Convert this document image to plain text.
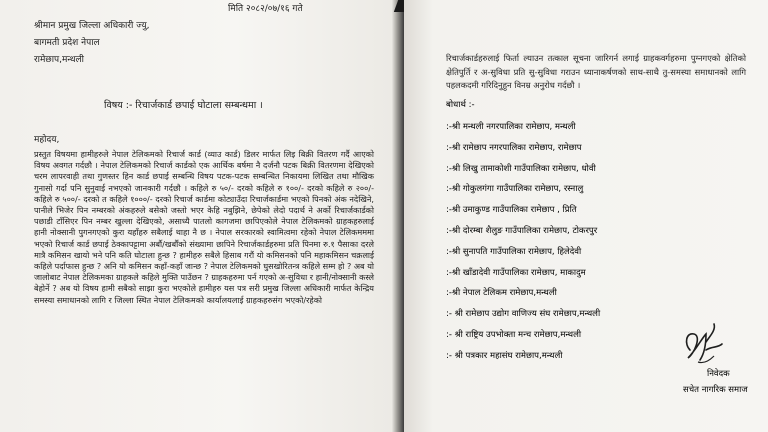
मिति २०८२/०७/१६ गते
श्रीमान प्रमुख जिल्ला अधिकारी ज्यु,
बागमती प्रदेश नेपाल
रामेछाप,मन्थली
विषय :- रिचार्जकार्ड छपाई घोटाला सम्बन्धमा ।
महोदय,
प्रस्तुत विषयमा हामीहरुले नेपाल टेलिकमको रिचार्ज कार्ड (व्याउ कार्ड) डिलर मार्फत लिइ बिक्री वितरण गर्दै आएको विषय अवगत गर्दछौ । नेपाल टेलिकमको रिचार्ज कार्डको एक आर्थिक बर्षमा नै दर्जनौ पटक बिक्री वितरणमा देखिएको चरम लापरवाही तथा गुणस्तर हिन कार्ड छपाई सम्बन्धि विषय पटक-पटक सम्बन्धित निकायमा लिखित तथा मौखिक गुनासो गर्दा पनि सुनुवाई नभएको जानकारी गर्दछौ । कहिले रु ५०/- दरको कहिले रु १००/- दरको कहिले रु २००/- कहिले रु ५००/- दरको त कहिले १०००/- दरको रिचार्ज कार्डमा कोट्याउँदा रिचार्जकार्डमा भएको पिनको अंक नदेखिने, पानीले भिजेर पिन नम्बरको अंकहरुले बसेको जस्तो भएर केहि नबुझिने, छेपेको लेदो पदार्थ ने अर्को रिचार्जकार्डको पछाडी टाँसिएर पिन नम्बर खुल्ला देखिएको, असाध्यै पातलो कागजमा छापिएकोले नेपाल टेलिकमको ग्राहकहरुलाई हानी नोक्सानी पुगनगएको कुरा यहाँहरु सबैलाई थाहा नै छ । नेपाल सरकारको स्वामित्वमा रहेको नेपाल टेलिकमममा भएको रिचार्ज कार्ड छपाई ठेक्कापट्टामा अर्बौ/खर्बौंको संख्यामा छापिने रिचार्जकार्डहरुमा प्रति पिनमा रु.१ पैसाका दरले मात्रै कमिसन खायो भने पनि कति घोटाला हुन्छ ? हामीहरु सबैले हिसाब गरौं यो कमिसनको पनि महाकमिसन चक्रलाई कहिले पर्दाफास हुन्छ ? अनि यो कमिसन कहाँ-कहाँ जान्छ ? नेपाल टेलिकमको घुसखोरितन्त्र कहिले सम्म हो ? अब यो जालोबाट नेपाल टेलिकमका ग्राहकले कहिले मुक्ति पाउँछन ? ग्राहकहरुमा पर्न गएको अ-सुविधा र हानी/नोक्सानी कस्ले बेहोर्ने ? अब यो विषय हामी सबैको साझा कुरा भएकोले हामीहरु यस पत्र सरी प्रमुख जिल्ला अधिकारी मार्फत केन्द्रिय समस्या समाधानको लागि र जिल्ला स्थित नेपाल टेलिकमको कार्यालयलाई ग्राहकहरुसंग भएको/रहेको
रिचार्जकार्डहरुलाई फिर्ता ल्याउन तत्काल सूचना जारिगर्न लगाई ग्राहकवर्गहरुमा पुग्नगएको क्षेतिको क्षेतिपुर्ति र अ-सुविधा प्रति सु-सुविधा गराउन ध्यानाकर्षणको साथ-साथै तु-समस्या समाधानको लागि पहलकदमी गरिदिनुहुन विनम्र अनुरोध गर्दछौ ।
बोधार्थ :-
:-श्री मन्थली नगरपालिका रामेछाप, मन्थली
:-श्री रामेछाप नगरपालिका रामेछाप, रामेछाप
:-श्री लिखु तामाकोशी गाउँपालिका रामेछाप, धोवी
:-श्री गोकुलगंगा गाउँपालिका रामेछाप, रस्नालु
:-श्री उमाकुण्ड गाउँपालिका रामेछाप , प्रिति
:-श्री दोरम्बा शैलुङ गाउँपालिका रामेछाप, टोकरपुर
:-श्री सुनापति गाउँपालिका रामेछाप, हिलेदेवी
:-श्री खाँडादेवी गाउँपालिका रामेछाप, माकादुम
:-श्री नेपाल टेलिकम रामेछाप,मन्थली
:- श्री रामेछाप उद्योग वाणिज्य संघ रामेछाप,मन्थली
:- श्री राष्ट्रिय उपभोक्ता मन्च रामेछाप,मन्थली
:- श्री पत्रकार महासंघ रामेछाप,मन्थली
निवेदक
सचेत नागरिक समाज
